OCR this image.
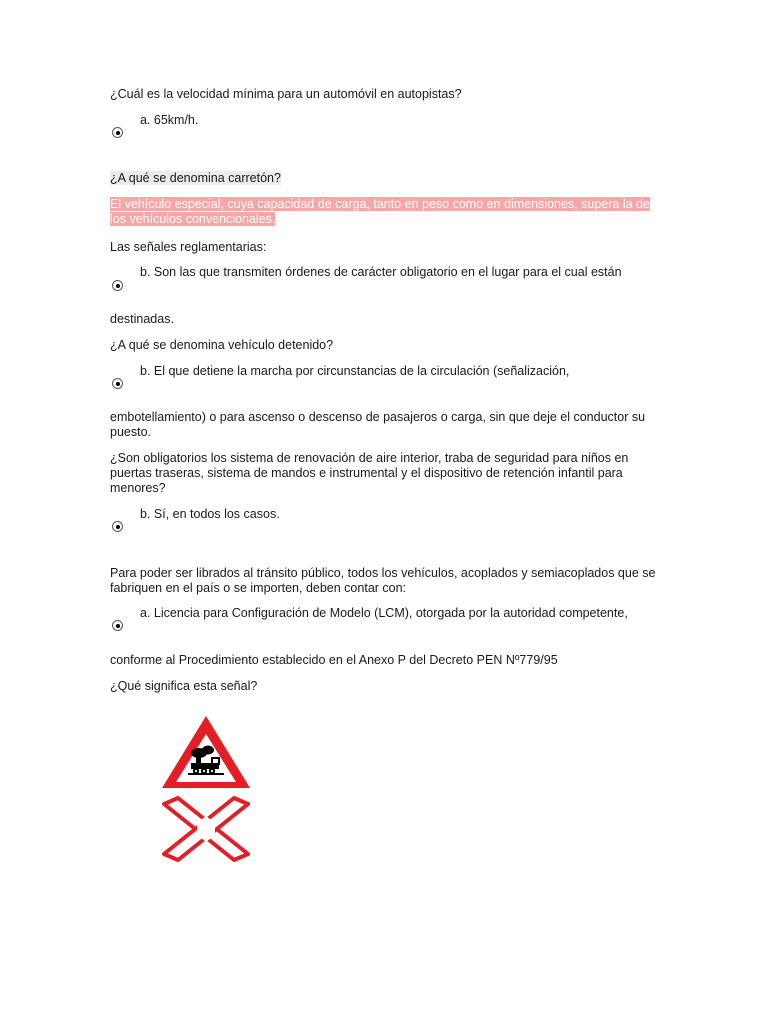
¿Cuál es la velocidad mínima para un automóvil en autopistas?

a. 65km/h.

¿A qué se denomina carretón?

El vehículo especial, cuya capacidad de carga, tanto en peso como en dimensiones, supera la de los vehículos convencionales.

Las señales reglamentarias:

b. Son las que transmiten órdenes de carácter obligatorio en el lugar para el cual están

destinadas.

¿A qué se denomina vehículo detenido?

b. El que detiene la marcha por circunstancias de la circulación (señalización,

embotellamiento) o para ascenso o descenso de pasajeros o carga, sin que deje el conductor su puesto.

¿Son obligatorios los sistema de renovación de aire interior, traba de seguridad para niños en puertas traseras, sistema de mandos e instrumental y el dispositivo de retención infantil para menores?

b. Sí, en todos los casos.

Para poder ser librados al tránsito público, todos los vehículos, acoplados y semiacoplados que se fabriquen en el país o se importen, deben contar con:

a. Licencia para Configuración de Modelo (LCM), otorgada por la autoridad competente,

conforme al Procedimiento establecido en el Anexo P del Decreto PEN Nº779/95

¿Qué significa esta señal?
